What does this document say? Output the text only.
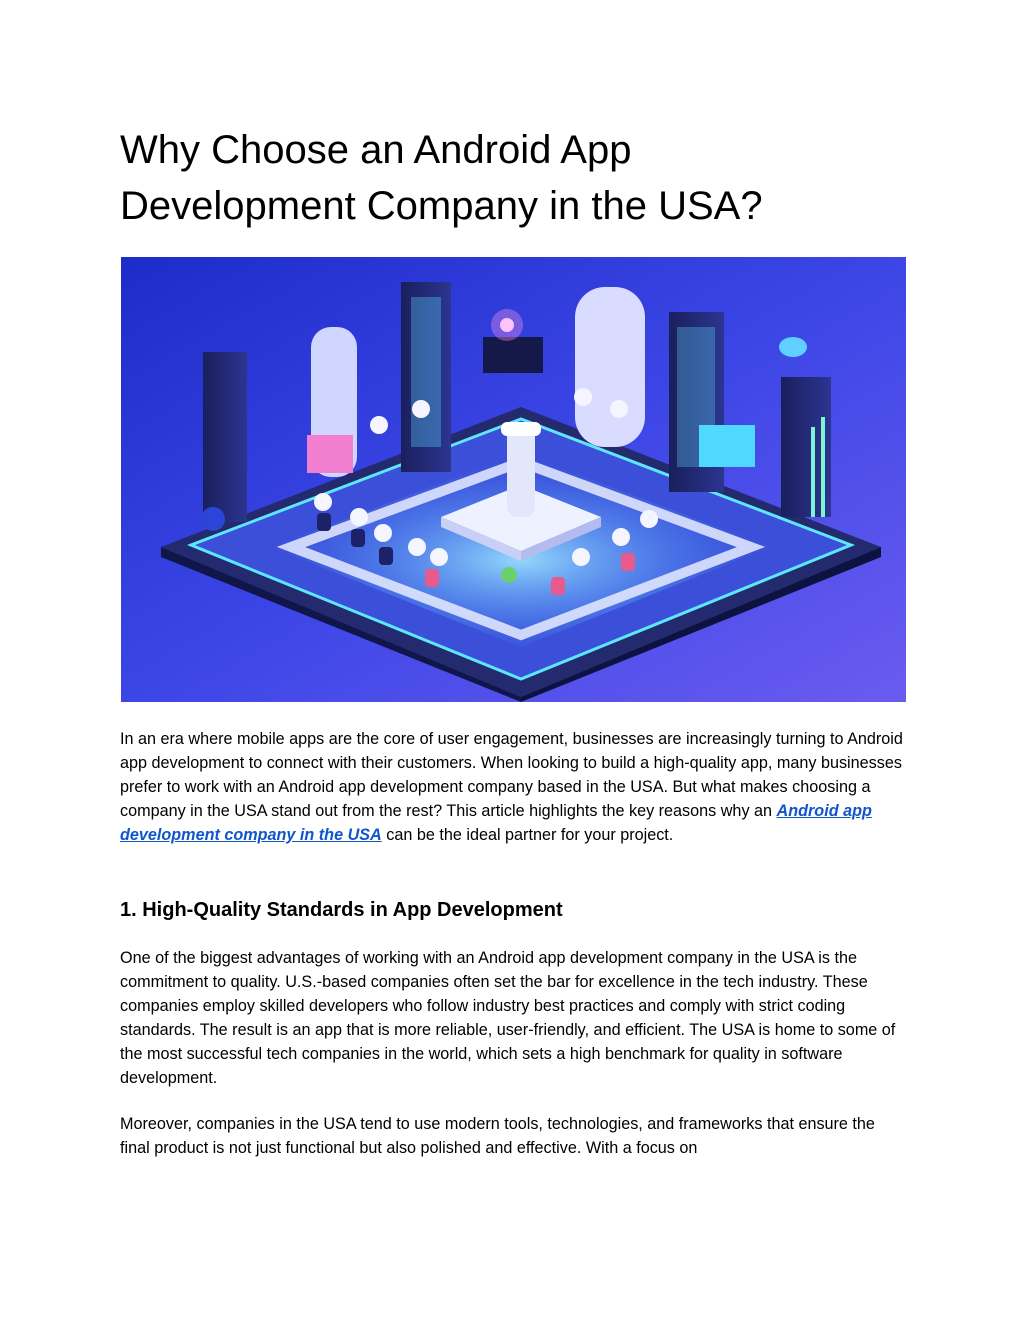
Why Choose an Android App
Development Company in the USA?

In an era where mobile apps are the core of user engagement, businesses are increasingly turning to Android app development to connect with their customers. When looking to build a high-quality app, many businesses prefer to work with an Android app development company based in the USA. But what makes choosing a company in the USA stand out from the rest? This article highlights the key reasons why an Android app development company in the USA can be the ideal partner for your project.

1. High-Quality Standards in App Development

One of the biggest advantages of working with an Android app development company in the USA is the commitment to quality. U.S.-based companies often set the bar for excellence in the tech industry. These companies employ skilled developers who follow industry best practices and comply with strict coding standards. The result is an app that is more reliable, user-friendly, and efficient. The USA is home to some of the most successful tech companies in the world, which sets a high benchmark for quality in software development.

Moreover, companies in the USA tend to use modern tools, technologies, and frameworks that ensure the final product is not just functional but also polished and effective. With a focus on
